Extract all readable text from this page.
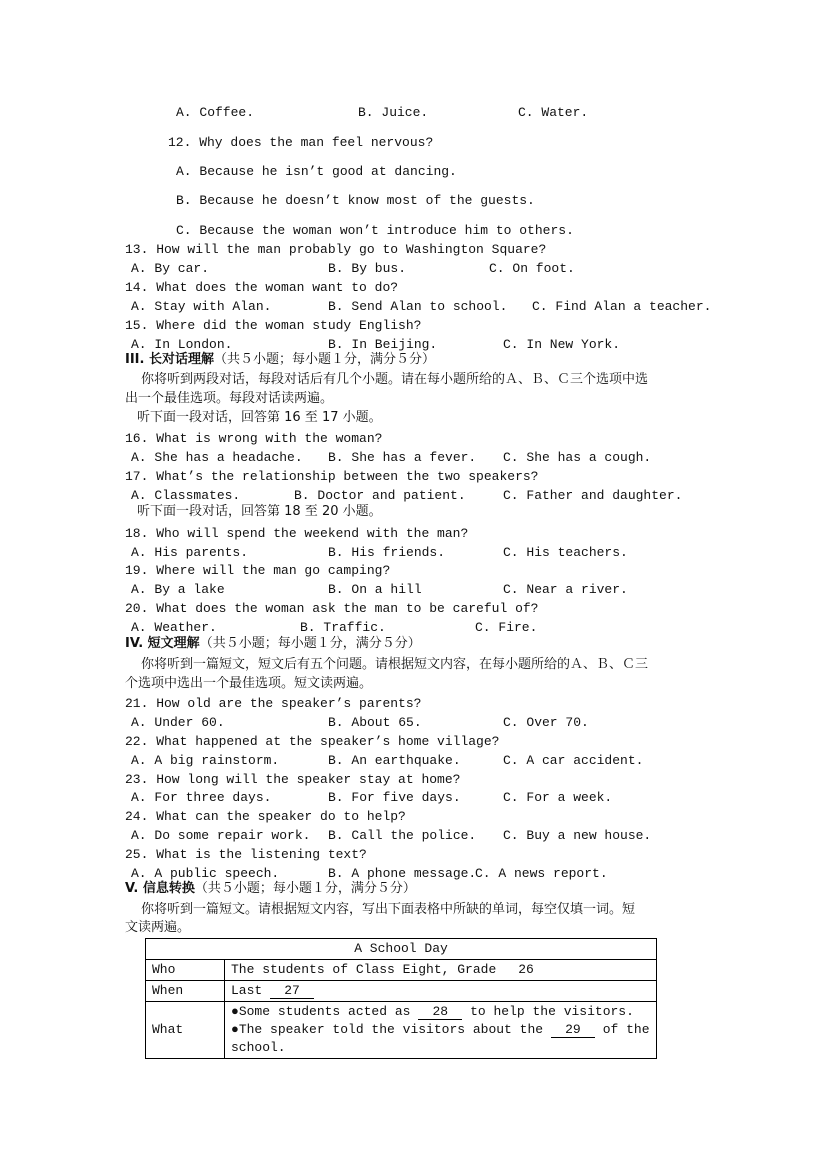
A. Coffee.	B. Juice.	C. Water.
12. Why does the man feel nervous?
A. Because he isn’t good at dancing.
B. Because he doesn’t know most of the guests.
C. Because the woman won’t introduce him to others.
13. How will the man probably go to Washington Square?
A. By car.	B. By bus.	C. On foot.
14. What does the woman want to do?
A. Stay with Alan.	B. Send Alan to school. C. Find Alan a teacher.
15. Where did the woman study English?
A. In London.	B. In Beijing.	C. In New York.
III. 长对话理解（共５小题；每小题１分，满分５分）
你将听到两段对话，每段对话后有几个小题。请在每小题所给的Ａ、Ｂ、Ｃ三个选项中选
出一个最佳选项。每段对话读两遍。
听下面一段对话，回答第 16 至 17 小题。
16. What is wrong with the woman?
A. She has a headache. B. She has a fever. C. She has a cough.
17. What’s the relationship between the two speakers?
A. Classmates.	B. Doctor and patient.	C. Father and daughter.
听下面一段对话，回答第 18 至 20 小题。
18. Who will spend the weekend with the man?
A. His parents.	B. His friends.	C. His teachers.
19. Where will the man go camping?
A. By a lake	B. On a hill	C. Near a river.
20. What does the woman ask the man to be careful of?
A. Weather.	B. Traffic.	C. Fire.
IV. 短文理解（共５小题；每小题１分，满分５分）
你将听到一篇短文，短文后有五个问题。请根据短文内容，在每小题所给的Ａ、Ｂ、Ｃ三
个选项中选出一个最佳选项。短文读两遍。
21. How old are the speaker’s parents?
A. Under 60.	B. About 65.	C. Over 70.
22. What happened at the speaker’s home village?
A. A big rainstorm.	B. An earthquake.	C. A car accident.
23. How long will the speaker stay at home?
A. For three days.	B. For five days.	C. For a week.
24. What can the speaker do to help?
A. Do some repair work. B. Call the police. C. Buy a new house.
25. What is the listening text?
A. A public speech.	B. A phone message.
C. A news report.
V. 信息转换（共５小题；每小题１分，满分５分）
你将听到一篇短文。请根据短文内容，写出下面表格中所缺的单词，每空仅填一词。短
文读两遍。
A School Day	
Who	The students of Class Eight, Grade 26
When	Last 27
What	●Some students acted as 28 to help the visitors.
●The speaker told the visitors about the 29 of the
school.
